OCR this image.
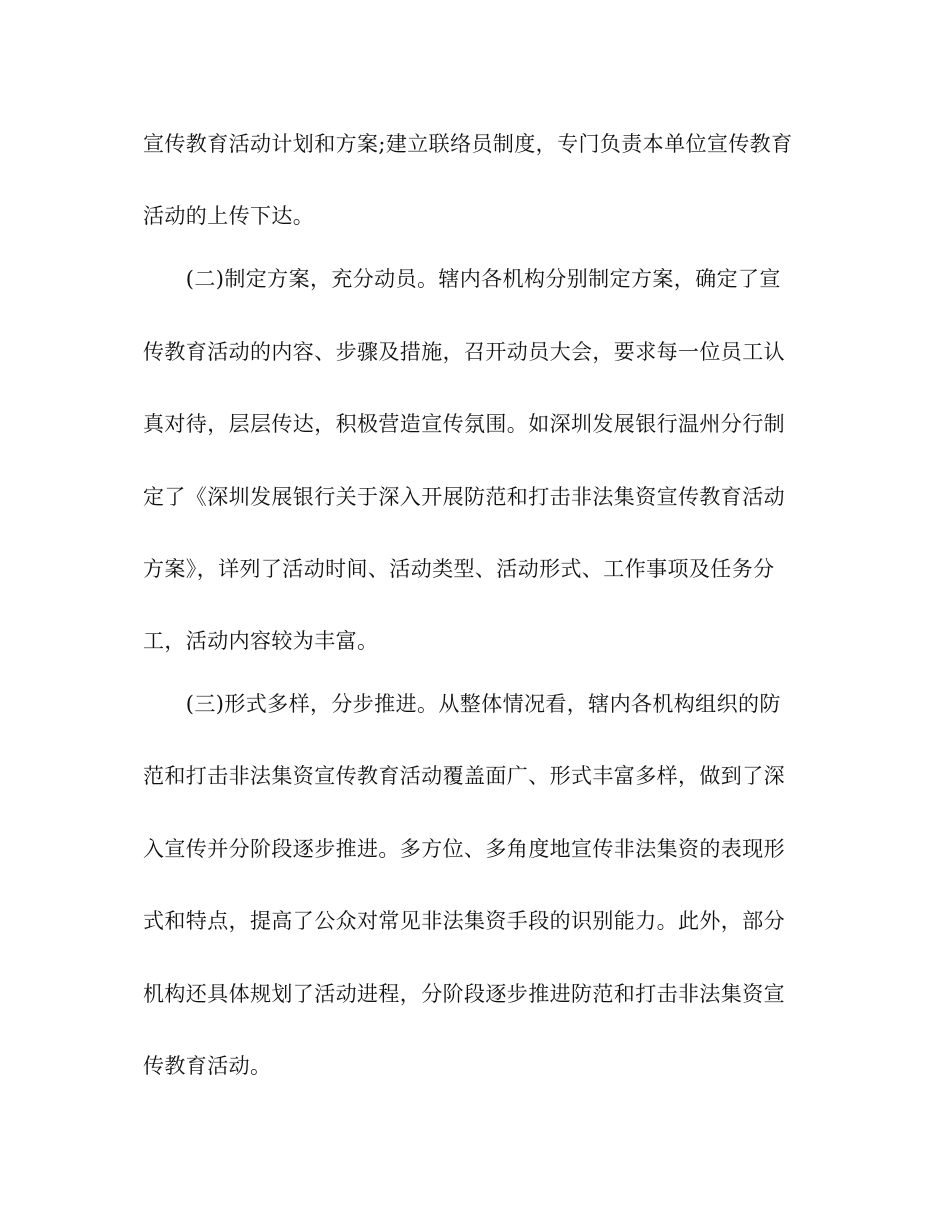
宣传教育活动计划和方案;建立联络员制度，专门负责本单位宣传教育
活动的上传下达。
　　(二)制定方案，充分动员。辖内各机构分别制定方案，确定了宣
传教育活动的内容、步骤及措施，召开动员大会，要求每一位员工认
真对待，层层传达，积极营造宣传氛围。如深圳发展银行温州分行制
定了《深圳发展银行关于深入开展防范和打击非法集资宣传教育活动
方案》，详列了活动时间、活动类型、活动形式、工作事项及任务分
工，活动内容较为丰富。
　　(三)形式多样，分步推进。从整体情况看，辖内各机构组织的防
范和打击非法集资宣传教育活动覆盖面广、形式丰富多样，做到了深
入宣传并分阶段逐步推进。多方位、多角度地宣传非法集资的表现形
式和特点，提高了公众对常见非法集资手段的识别能力。此外，部分
机构还具体规划了活动进程，分阶段逐步推进防范和打击非法集资宣
传教育活动。
